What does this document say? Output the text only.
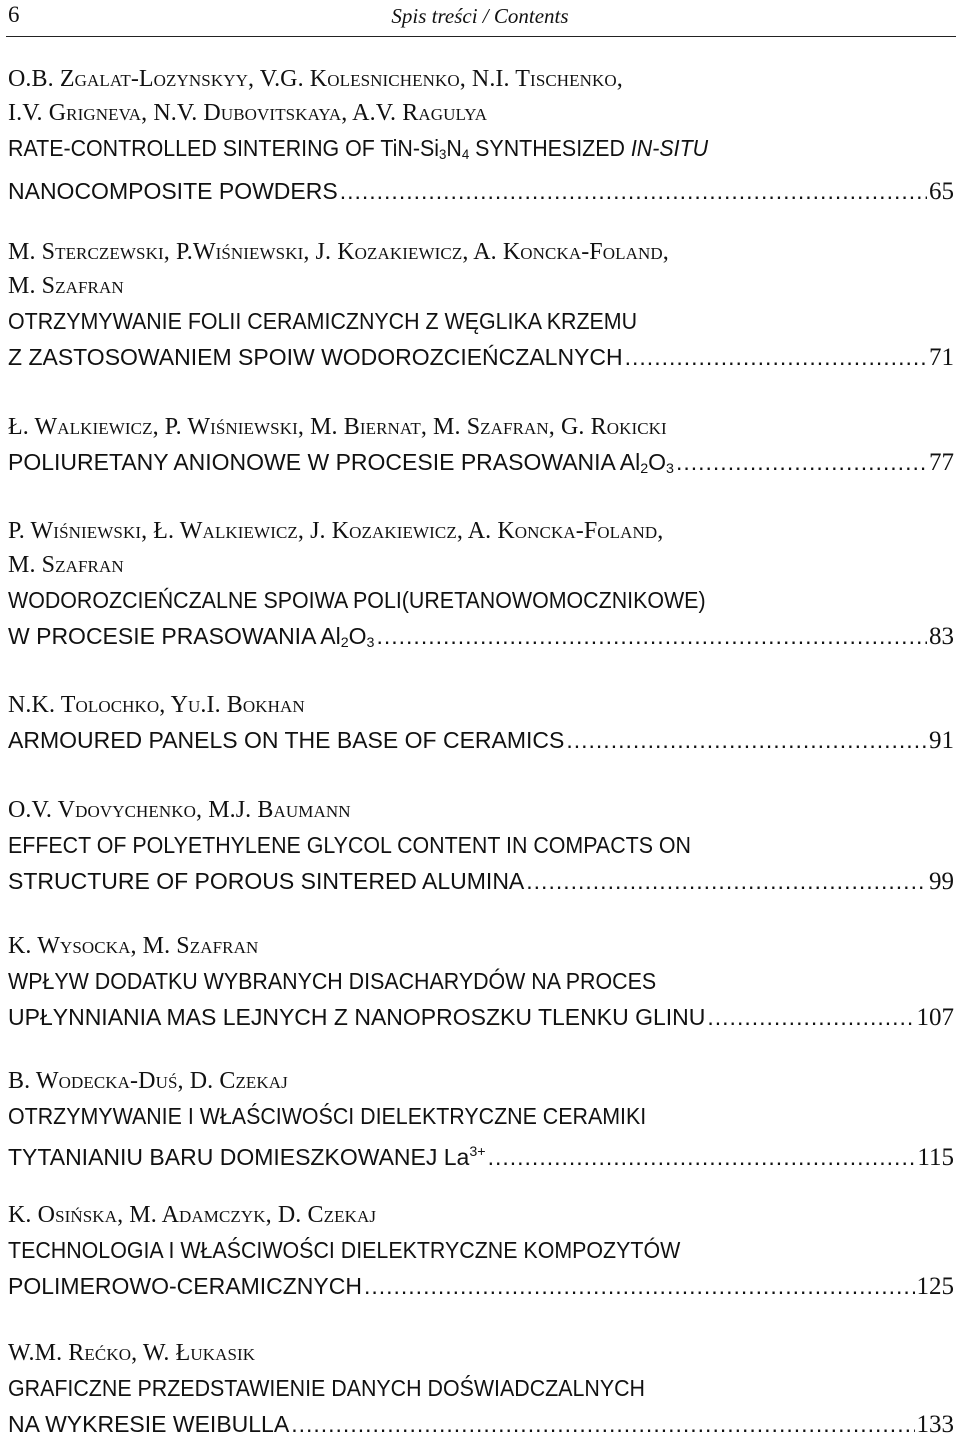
6	Spis treści / Contents
O.B. Zgalat-Lozynskyy, V.G. Kolesnichenko, N.I. Tischenko,
I.V. Grigneva, N.V. Dubovitskaya, A.V. Ragulya
RATE-CONTROLLED SINTERING OF TiN-$Si_3N_4$ SYNTHESIZED IN-SITU
NANOCOMPOSITE POWDERS .....	65
M. Sterczewski, P.Wiśniewski, J. Kozakiewicz, A. Koncka-Foland,
M. Szafran
OTRZYMYWANIE FOLII CERAMICZNYCH Z WĘGLIKA KRZEMU
Z ZASTOSOWANIEM SPOIW WODOROZCIEŃCZALNYCH .....	71
Ł. Walkiewicz, P. Wiśniewski, M. Biernat, M. Szafran, G. Rokicki
POLIURETANY ANIONOWE W PROCESIE PRASOWANIA $Al_2O_3$ .....	77
P. Wiśniewski, Ł. Walkiewicz, J. Kozakiewicz, A. Koncka-Foland,
M. Szafran
WODOROZCIEŃCZALNE SPOIWA POLI(URETANOWOMOCZNIKOWE)
W PROCESIE PRASOWANIA $Al_2O_3$ .....	83
N.K. Tolochko, Yu.I. Bokhan
ARMOURED PANELS ON THE BASE OF CERAMICS .....	91
O.V. Vdovychenko, M.J. Baumann
EFFECT OF POLYETHYLENE GLYCOL CONTENT IN COMPACTS ON
STRUCTURE OF POROUS SINTERED ALUMINA .....	99
K. Wysocka, M. Szafran
WPŁYW DODATKU WYBRANYCH DISACHARYDÓW NA PROCES
UPŁYNNIANIA MAS LEJNYCH Z NANOPROSZKU TLENKU GLINU .....	107
B. Wodecka-Duś, D. Czekaj
OTRZYMYWANIE I WŁAŚCIWOŚCI DIELEKTRYCZNE CERAMIKI
TYTANIANIU BARU DOMIESZKOWANEJ $La^{3+}$ .....	115
K. Osińska, M. Adamczyk, D. Czekaj
TECHNOLOGIA I WŁAŚCIWOŚCI DIELEKTRYCZNE KOMPOZYTÓW
POLIMEROWO-CERAMICZNYCH .....	125
W.M. Rećko, W. Łukasik
GRAFICZNE PRZEDSTAWIENIE DANYCH DOŚWIADCZALNYCH
NA WYKRESIE WEIBULLA .....	133
